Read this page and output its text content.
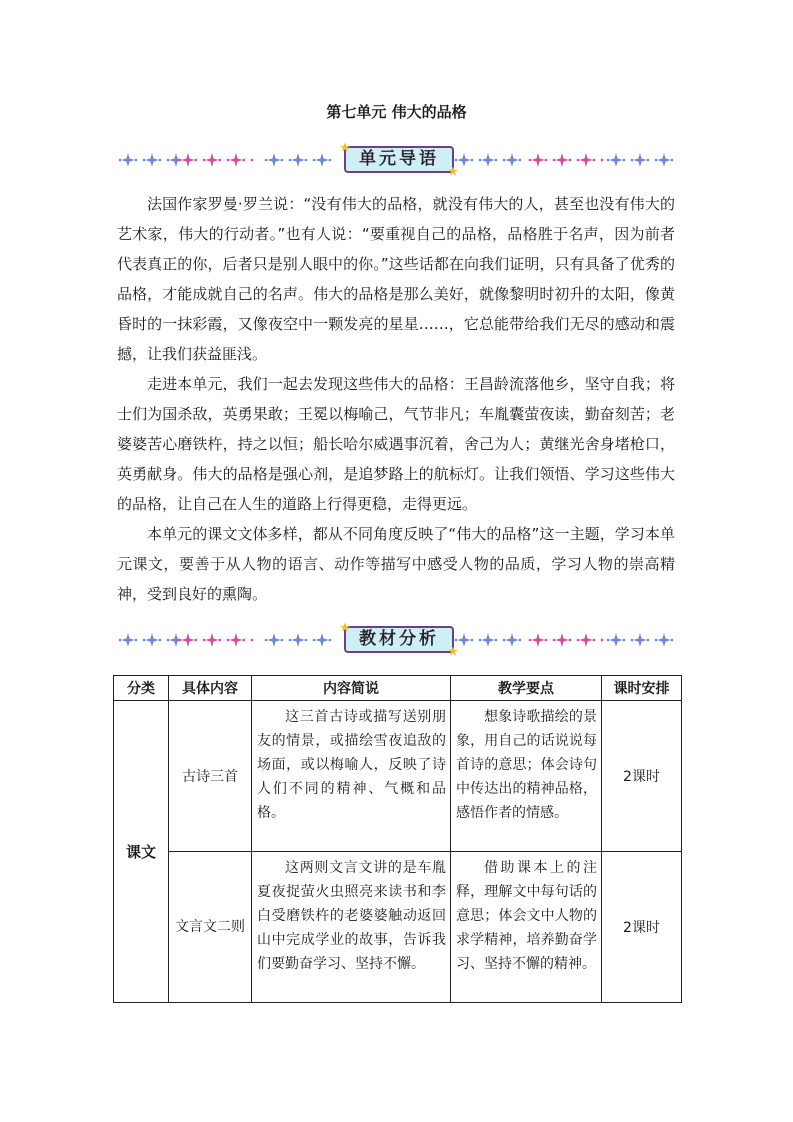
第七单元 伟大的品格
★
单元导语
★

法国作家罗曼·罗兰说：“没有伟大的品格，就没有伟大的人，甚至也没有伟大的艺术家，伟大的行动者。”也有人说：“要重视自己的品格，品格胜于名声，因为前者代表真正的你，后者只是别人眼中的你。”这些话都在向我们证明，只有具备了优秀的品格，才能成就自己的名声。伟大的品格是那么美好，就像黎明时初升的太阳，像黄昏时的一抹彩霞，又像夜空中一颗发亮的星星……，它总能带给我们无尽的感动和震撼，让我们获益匪浅。

走进本单元，我们一起去发现这些伟大的品格：王昌龄流落他乡，坚守自我；将士们为国杀敌，英勇果敢；王冕以梅喻己，气节非凡；车胤囊萤夜读，勤奋刻苦；老婆婆苦心磨铁杵，持之以恒；船长哈尔威遇事沉着，舍己为人；黄继光舍身堵枪口，英勇献身。伟大的品格是强心剂，是追梦路上的航标灯。让我们领悟、学习这些伟大的品格，让自己在人生的道路上行得更稳，走得更远。

本单元的课文文体多样，都从不同角度反映了“伟大的品格”这一主题，学习本单元课文，要善于从人物的语言、动作等描写中感受人物的品质，学习人物的崇高精神，受到良好的熏陶。

★
教材分析
★
分类	具体内容	内容简说	教学要点	课时安排
课文	古诗三首	这三首古诗或描写送别朋友的情景，或描绘雪夜追敌的场面，或以梅喻人，反映了诗人们不同的精神、气概和品格。	想象诗歌描绘的景象，用自己的话说说每首诗的意思；体会诗句中传达出的精神品格，感悟作者的情感。	2课时
	文言文二则	这两则文言文讲的是车胤夏夜捉萤火虫照亮来读书和李白受磨铁杵的老婆婆触动返回山中完成学业的故事，告诉我们要勤奋学习、坚持不懈。	借助课本上的注释，理解文中每句话的意思；体会文中人物的求学精神，培养勤奋学习、坚持不懈的精神。	2课时
